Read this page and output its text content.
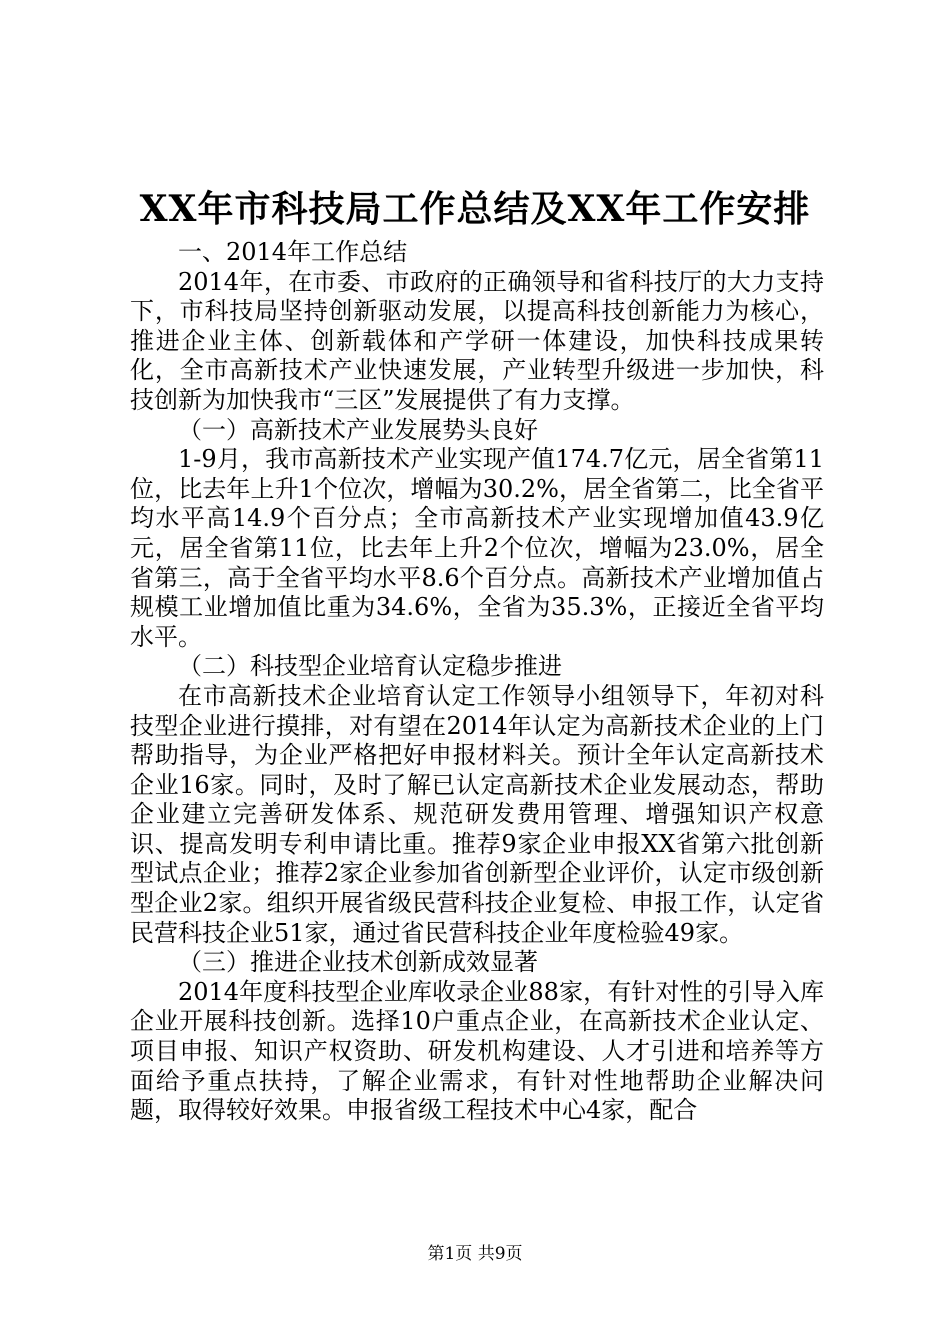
XX年市科技局工作总结及XX年工作安排

一、2014年工作总结

2014年，在市委、市政府的正确领导和省科技厅的大力支持下，市科技局坚持创新驱动发展，以提高科技创新能力为核心，推进企业主体、创新载体和产学研一体建设，加快科技成果转化，全市高新技术产业快速发展，产业转型升级进一步加快，科技创新为加快我市“三区”发展提供了有力支撑。

（一）高新技术产业发展势头良好

1-9月，我市高新技术产业实现产值174.7亿元，居全省第11位，比去年上升1个位次，增幅为30.2%，居全省第二，比全省平均水平高14.9个百分点；全市高新技术产业实现增加值43.9亿元，居全省第11位，比去年上升2个位次，增幅为23.0%，居全省第三，高于全省平均水平8.6个百分点。高新技术产业增加值占规模工业增加值比重为34.6%，全省为35.3%，正接近全省平均水平。

（二）科技型企业培育认定稳步推进

在市高新技术企业培育认定工作领导小组领导下，年初对科技型企业进行摸排，对有望在2014年认定为高新技术企业的上门帮助指导，为企业严格把好申报材料关。预计全年认定高新技术企业16家。同时，及时了解已认定高新技术企业发展动态，帮助企业建立完善研发体系、规范研发费用管理、增强知识产权意识、提高发明专利申请比重。推荐9家企业申报XX省第六批创新型试点企业；推荐2家企业参加省创新型企业评价，认定市级创新型企业2家。组织开展省级民营科技企业复检、申报工作，认定省民营科技企业51家，通过省民营科技企业年度检验49家。

（三）推进企业技术创新成效显著

2014年度科技型企业库收录企业88家，有针对性的引导入库企业开展科技创新。选择10户重点企业，在高新技术企业认定、项目申报、知识产权资助、研发机构建设、人才引进和培养等方面给予重点扶持，了解企业需求，有针对性地帮助企业解决问题，取得较好效果。申报省级工程技术中心4家，配合

第1页 共9页
